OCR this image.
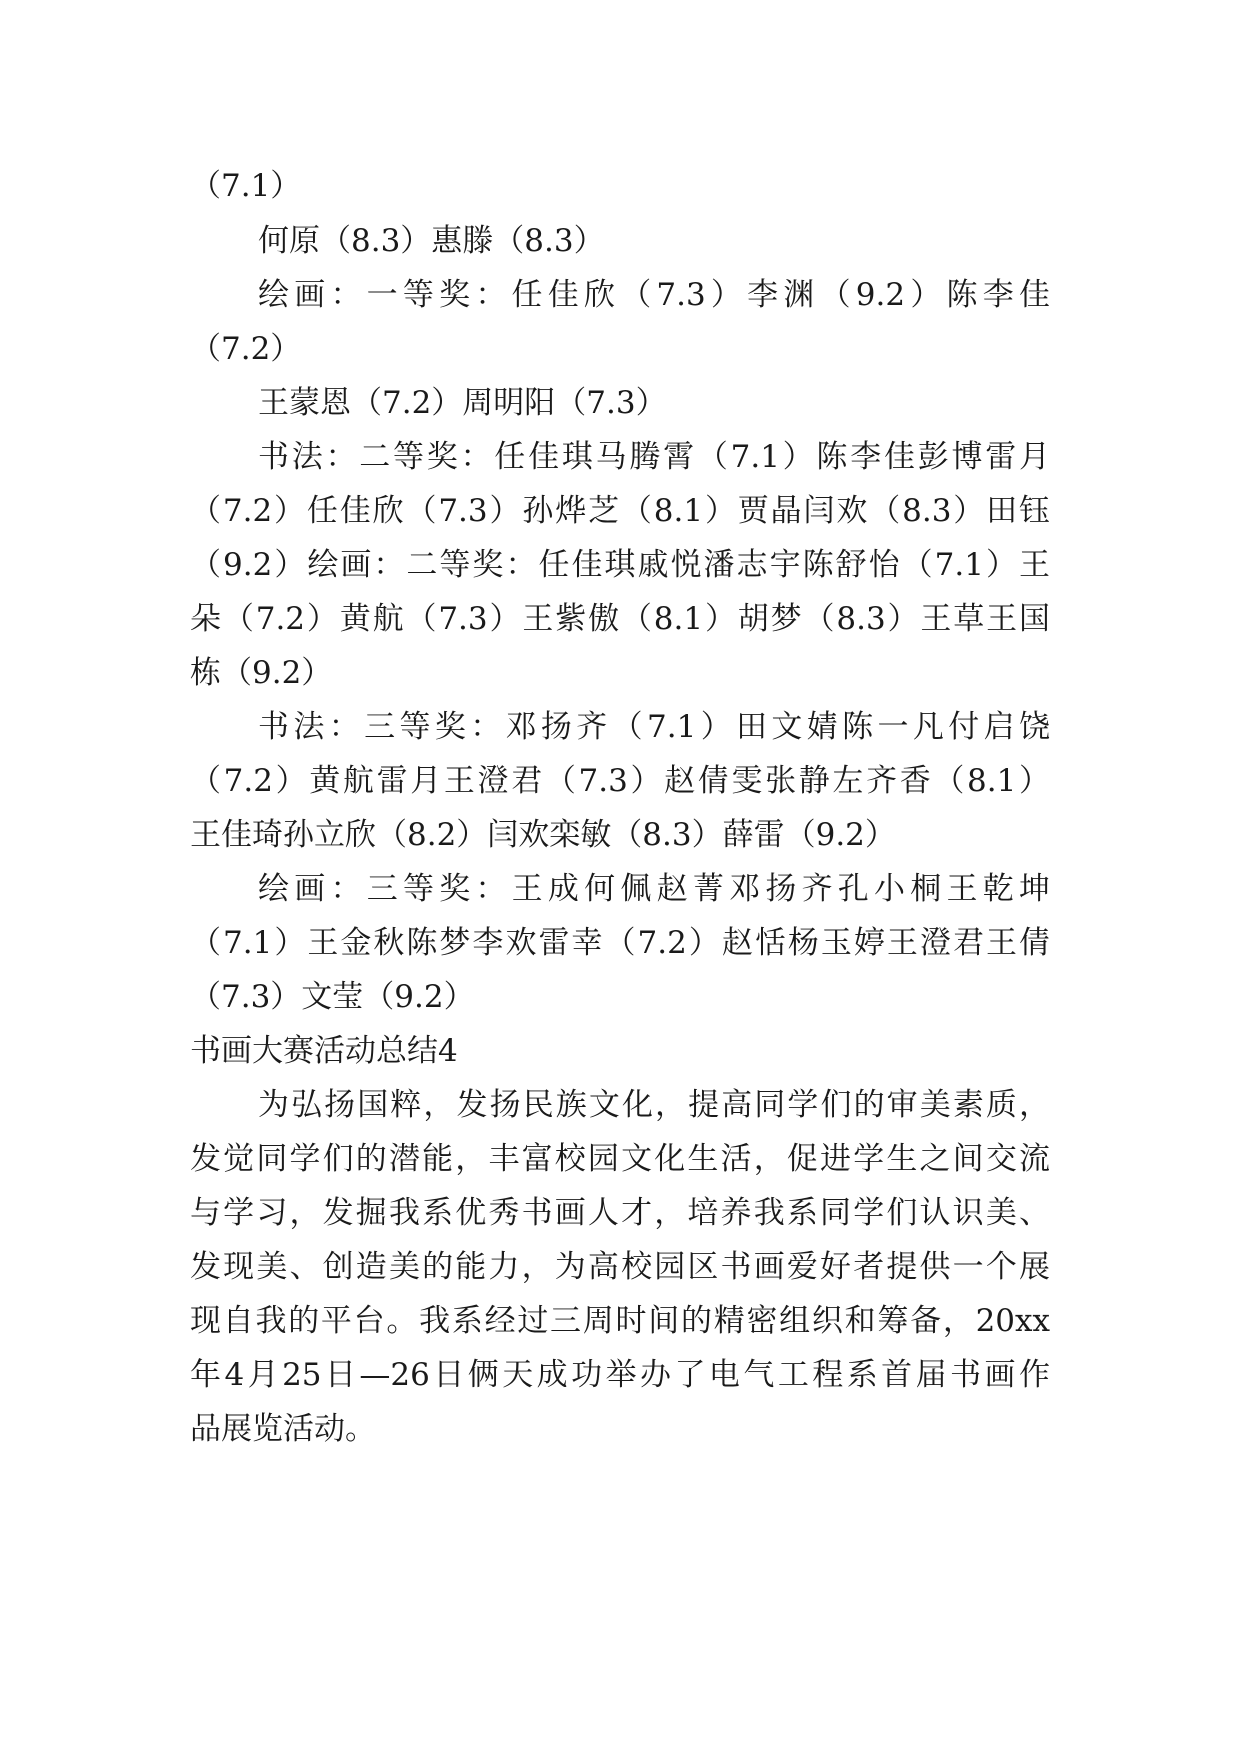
（7.1）
何原（8.3）惠滕（8.3）
绘画：一等奖：任佳欣（7.3）李渊（9.2）陈李佳
（7.2）
王蒙恩（7.2）周明阳（7.3）
书法：二等奖：任佳琪马腾霄（7.1）陈李佳彭博雷月
（7.2）任佳欣（7.3）孙烨芝（8.1）贾晶闫欢（8.3）田钰
（9.2）绘画：二等奖：任佳琪戚悦潘志宇陈舒怡（7.1）王
朵（7.2）黄航（7.3）王紫傲（8.1）胡梦（8.3）王草王国
栋（9.2）
书法：三等奖：邓扬齐（7.1）田文婧陈一凡付启饶
（7.2）黄航雷月王澄君（7.3）赵倩雯张静左齐香（8.1）
王佳琦孙立欣（8.2）闫欢栾敏（8.3）薛雷（9.2）
绘画：三等奖：王成何佩赵菁邓扬齐孔小桐王乾坤
（7.1）王金秋陈梦李欢雷幸（7.2）赵恬杨玉婷王澄君王倩
（7.3）文莹（9.2）
书画大赛活动总结4
为弘扬国粹，发扬民族文化，提高同学们的审美素质，
发觉同学们的潜能，丰富校园文化生活，促进学生之间交流
与学习，发掘我系优秀书画人才，培养我系同学们认识美、
发现美、创造美的能力，为高校园区书画爱好者提供一个展
现自我的平台。我系经过三周时间的精密组织和筹备，20xx
年4月25日—26日俩天成功举办了电气工程系首届书画作
品展览活动。
